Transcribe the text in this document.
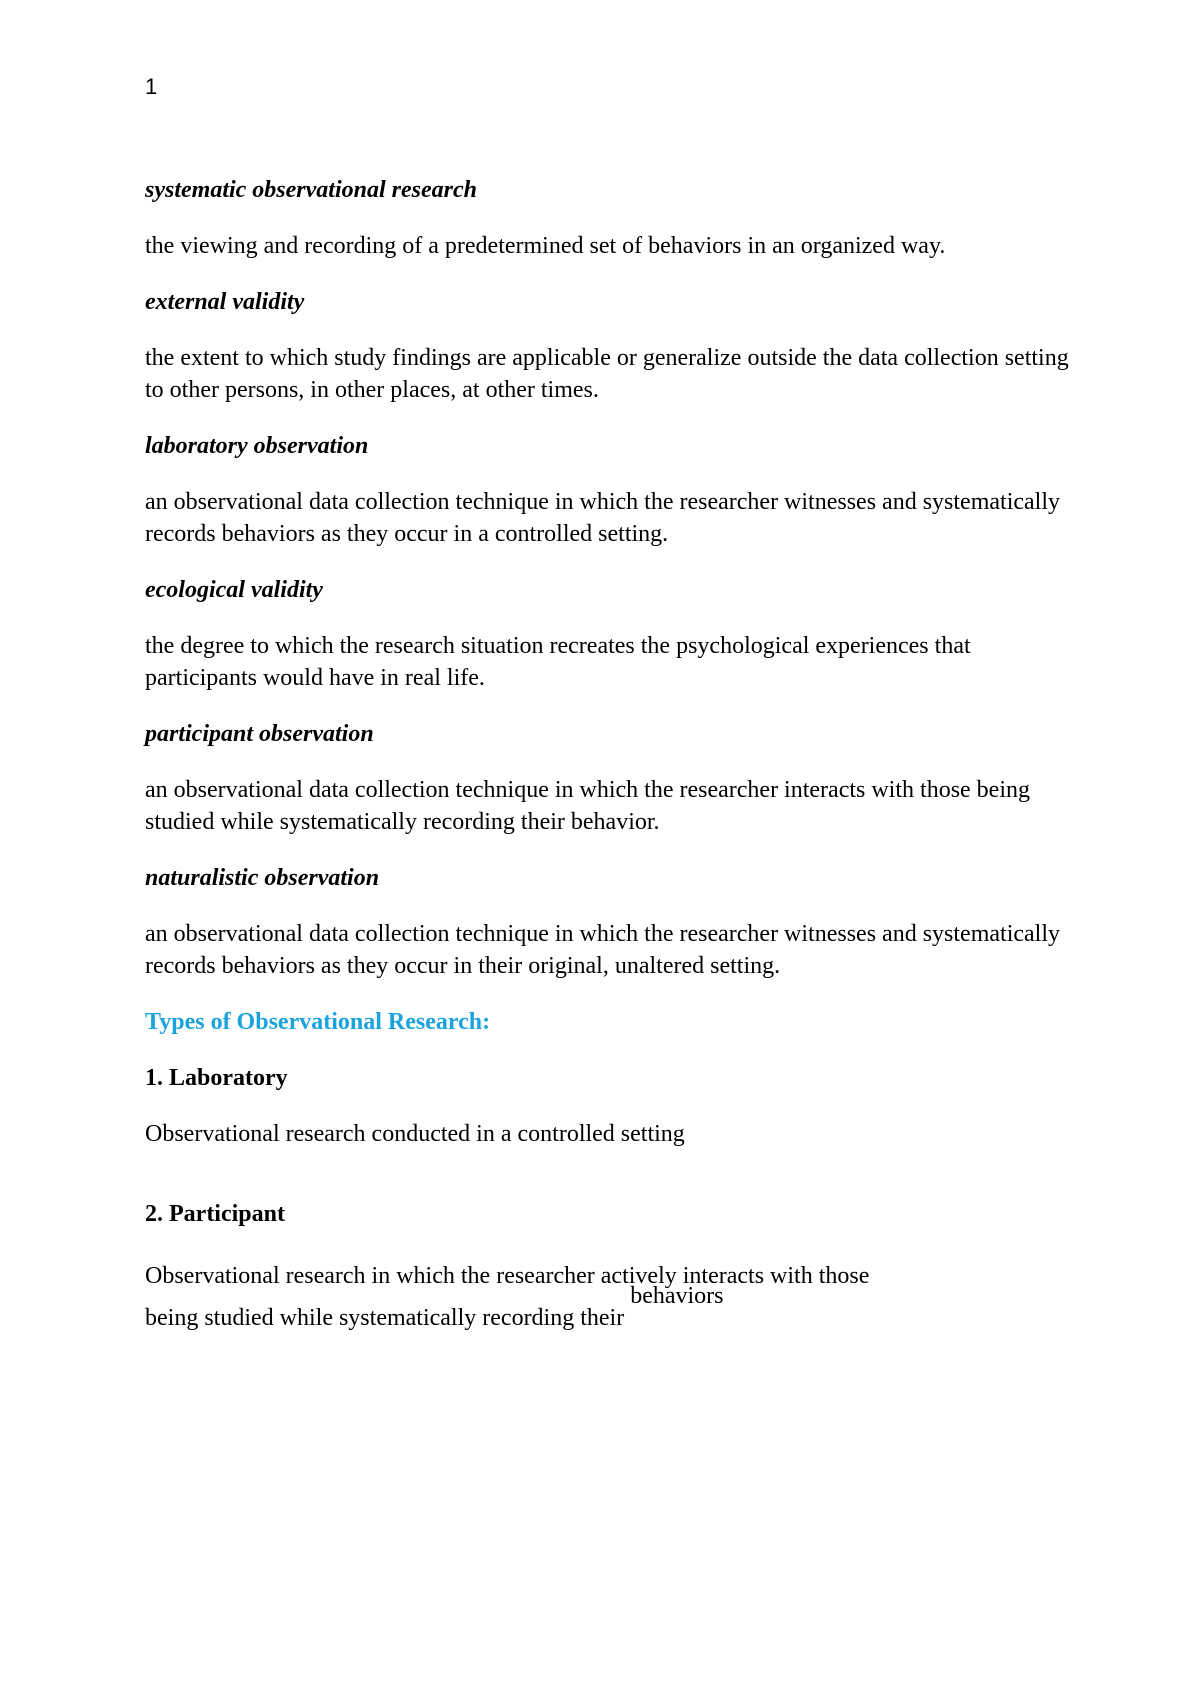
1

systematic observational research

the viewing and recording of a predetermined set of behaviors in an organized way.

external validity

the extent to which study findings are applicable or generalize outside the data collection setting to other persons, in other places, at other times.

laboratory observation

an observational data collection technique in which the researcher witnesses and systematically records behaviors as they occur in a controlled setting.

ecological validity

the degree to which the research situation recreates the psychological experiences that participants would have in real life.

participant observation

an observational data collection technique in which the researcher interacts with those being studied while systematically recording their behavior.

naturalistic observation

an observational data collection technique in which the researcher witnesses and systematically records behaviors as they occur in their original, unaltered setting.

Types of Observational Research:

1. Laboratory

Observational research conducted in a controlled setting

2. Participant

Observational research in which the researcher actively interacts with those
being studied while systematically recording their behaviors
